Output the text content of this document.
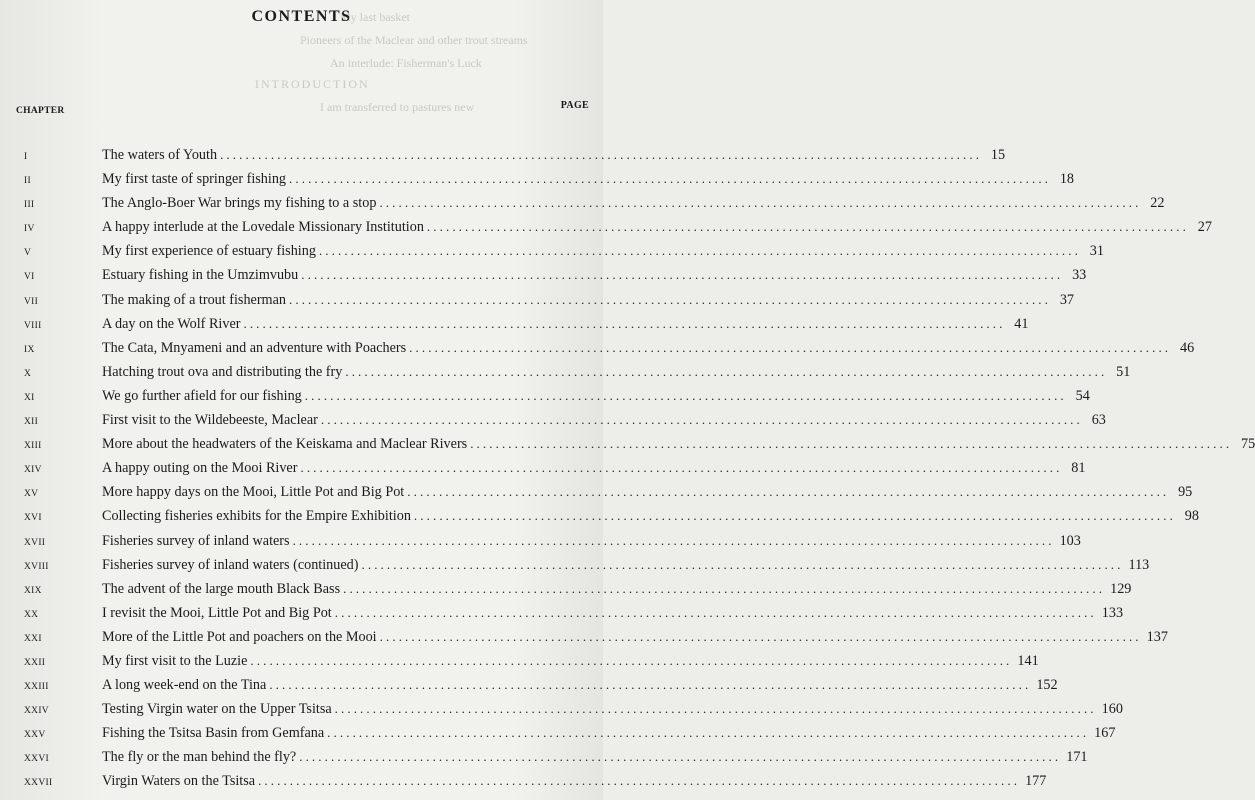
My last basket
Pioneers of the Maclear and other trout streams
An interlude: Fisherman's Luck
INTRODUCTION
I am transferred to pastures new
CONTENTS
CHAPTER	PAGE
I	The waters of Youth ........................................................................................................................ 15
II	My first taste of springer fishing ........................................................................................................................ 18
III	The Anglo-Boer War brings my fishing to a stop ........................................................................................................................ 22
IV	A happy interlude at the Lovedale Missionary Institution ........................................................................................................................ 27
V	My first experience of estuary fishing ........................................................................................................................ 31
VI	Estuary fishing in the Umzimvubu ........................................................................................................................ 33
VII	The making of a trout fisherman ........................................................................................................................ 37
VIII	A day on the Wolf River ........................................................................................................................ 41
IX	The Cata, Mnyameni and an adventure with Poachers ........................................................................................................................ 46
X	Hatching trout ova and distributing the fry ........................................................................................................................ 51
XI	We go further afield for our fishing ........................................................................................................................ 54
XII	First visit to the Wildebeeste, Maclear ........................................................................................................................ 63
XIII	More about the headwaters of the Keiskama and Maclear Rivers ........................................................................................................................ 75
XIV	A happy outing on the Mooi River ........................................................................................................................ 81
XV	More happy days on the Mooi, Little Pot and Big Pot ........................................................................................................................ 95
XVI	Collecting fisheries exhibits for the Empire Exhibition ........................................................................................................................ 98
XVII	Fisheries survey of inland waters ........................................................................................................................ 103
XVIII	Fisheries survey of inland waters (continued) ........................................................................................................................ 113
XIX	The advent of the large mouth Black Bass ........................................................................................................................ 129
XX	I revisit the Mooi, Little Pot and Big Pot ........................................................................................................................ 133
XXI	More of the Little Pot and poachers on the Mooi ........................................................................................................................ 137
XXII	My first visit to the Luzie ........................................................................................................................ 141
XXIII	A long week-end on the Tina ........................................................................................................................ 152
XXIV	Testing Virgin water on the Upper Tsitsa ........................................................................................................................ 160
XXV	Fishing the Tsitsa Basin from Gemfana ........................................................................................................................ 167
XXVI	The fly or the man behind the fly? ........................................................................................................................ 171
XXVII	Virgin Waters on the Tsitsa ........................................................................................................................ 177
